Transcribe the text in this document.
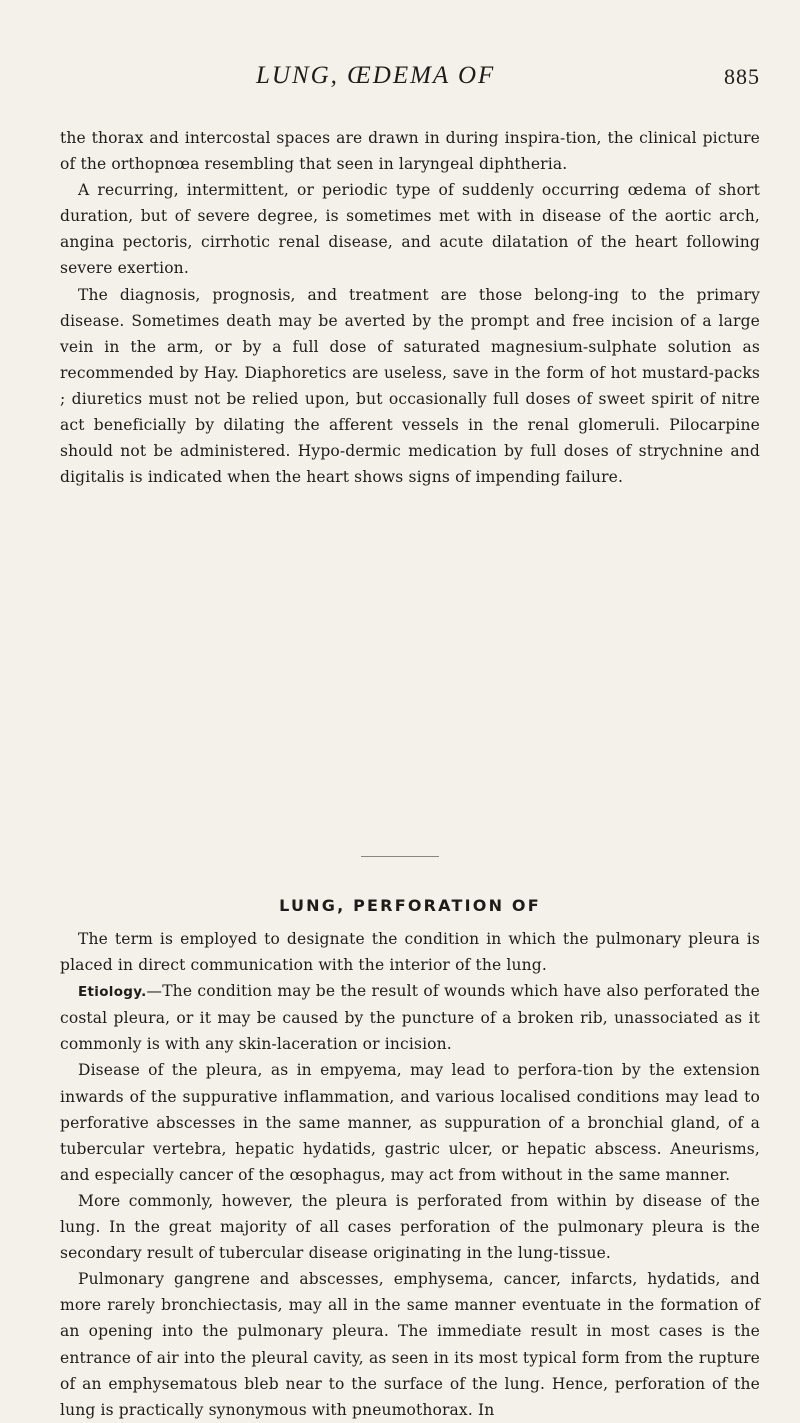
LUNG, ŒDEMA OF	885

the thorax and intercostal spaces are drawn in during inspira-tion, the clinical picture of the orthopnœa resembling that seen in laryngeal diphtheria.

A recurring, intermittent, or periodic type of suddenly occurring œdema of short duration, but of severe degree, is sometimes met with in disease of the aortic arch, angina pectoris, cirrhotic renal disease, and acute dilatation of the heart following severe exertion.

The diagnosis, prognosis, and treatment are those belong-ing to the primary disease. Sometimes death may be averted by the prompt and free incision of a large vein in the arm, or by a full dose of saturated magnesium-sulphate solution as recommended by Hay. Diaphoretics are useless, save in the form of hot mustard-packs ; diuretics must not be relied upon, but occasionally full doses of sweet spirit of nitre act beneficially by dilating the afferent vessels in the renal glomeruli. Pilocarpine should not be administered. Hypo-dermic medication by full doses of strychnine and digitalis is indicated when the heart shows signs of impending failure.

LUNG, PERFORATION OF

The term is employed to designate the condition in which the pulmonary pleura is placed in direct communication with the interior of the lung.

Etiology.—The condition may be the result of wounds which have also perforated the costal pleura, or it may be caused by the puncture of a broken rib, unassociated as it commonly is with any skin-laceration or incision.

Disease of the pleura, as in empyema, may lead to perfora-tion by the extension inwards of the suppurative inflammation, and various localised conditions may lead to perforative abscesses in the same manner, as suppuration of a bronchial gland, of a tubercular vertebra, hepatic hydatids, gastric ulcer, or hepatic abscess. Aneurisms, and especially cancer of the œsophagus, may act from without in the same manner.

More commonly, however, the pleura is perforated from within by disease of the lung. In the great majority of all cases perforation of the pulmonary pleura is the secondary result of tubercular disease originating in the lung-tissue.

Pulmonary gangrene and abscesses, emphysema, cancer, infarcts, hydatids, and more rarely bronchiectasis, may all in the same manner eventuate in the formation of an opening into the pulmonary pleura. The immediate result in most cases is the entrance of air into the pleural cavity, as seen in its most typical form from the rupture of an emphysematous bleb near to the surface of the lung. Hence, perforation of the lung is practically synonymous with pneumothorax. In
